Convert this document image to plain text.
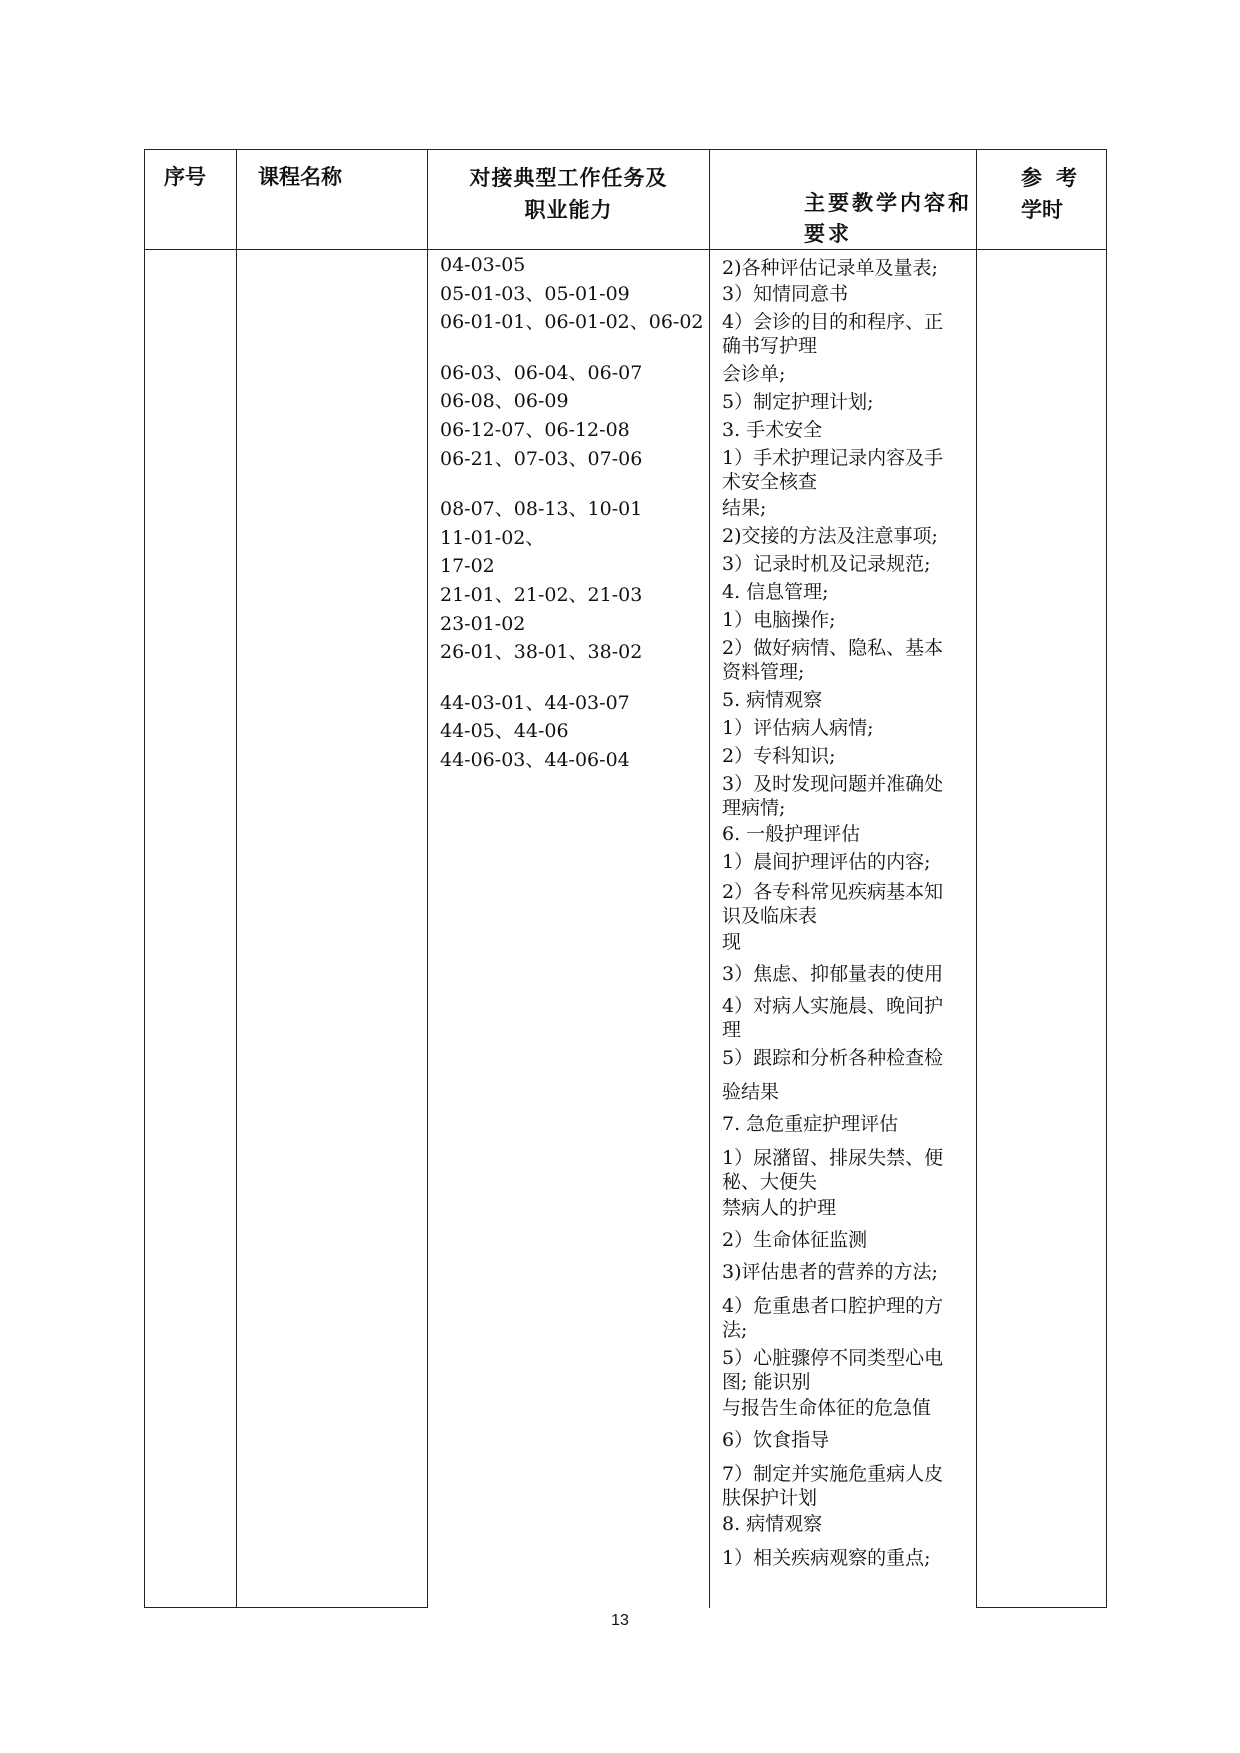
序号 课程名称	对接典型工作任务及
职业能力	主要教学内容和
要求
参考
学时
04-03-05
05-01-03、05-01-09
06-01-01、06-01-02、06-02
06-03、06-04、06-07
06-08、06-09
06-12-07、06-12-08
06-21、07-03、07-06
08-07、08-13、10-01
11-01-02、
17-02
21-01、21-02、21-03
23-01-02
26-01、38-01、38-02
44-03-01、44-03-07
44-05、44-06
44-06-03、44-06-04
2)各种评估记录单及量表;
3）知情同意书
4）会诊的目的和程序、正
确书写护理
会诊单;
5）制定护理计划;
3. 手术安全
1）手术护理记录内容及手
术安全核查
结果;
2)交接的方法及注意事项;
3）记录时机及记录规范;
4. 信息管理;
1）电脑操作;
2）做好病情、隐私、基本
资料管理;
5. 病情观察
1）评估病人病情;
2）专科知识;
3）及时发现问题并准确处
理病情;
6. 一般护理评估
1）晨间护理评估的内容;
2）各专科常见疾病基本知
识及临床表
现
3）焦虑、抑郁量表的使用
4）对病人实施晨、晚间护
理
5）跟踪和分析各种检查检
验结果
7. 急危重症护理评估
1）尿潴留、排尿失禁、便
秘、大便失
禁病人的护理
2）生命体征监测
3)评估患者的营养的方法;
4）危重患者口腔护理的方
法;
5）心脏骤停不同类型心电
图; 能识别
与报告生命体征的危急值
6）饮食指导
7）制定并实施危重病人皮
肤保护计划
8. 病情观察
1）相关疾病观察的重点;
13
